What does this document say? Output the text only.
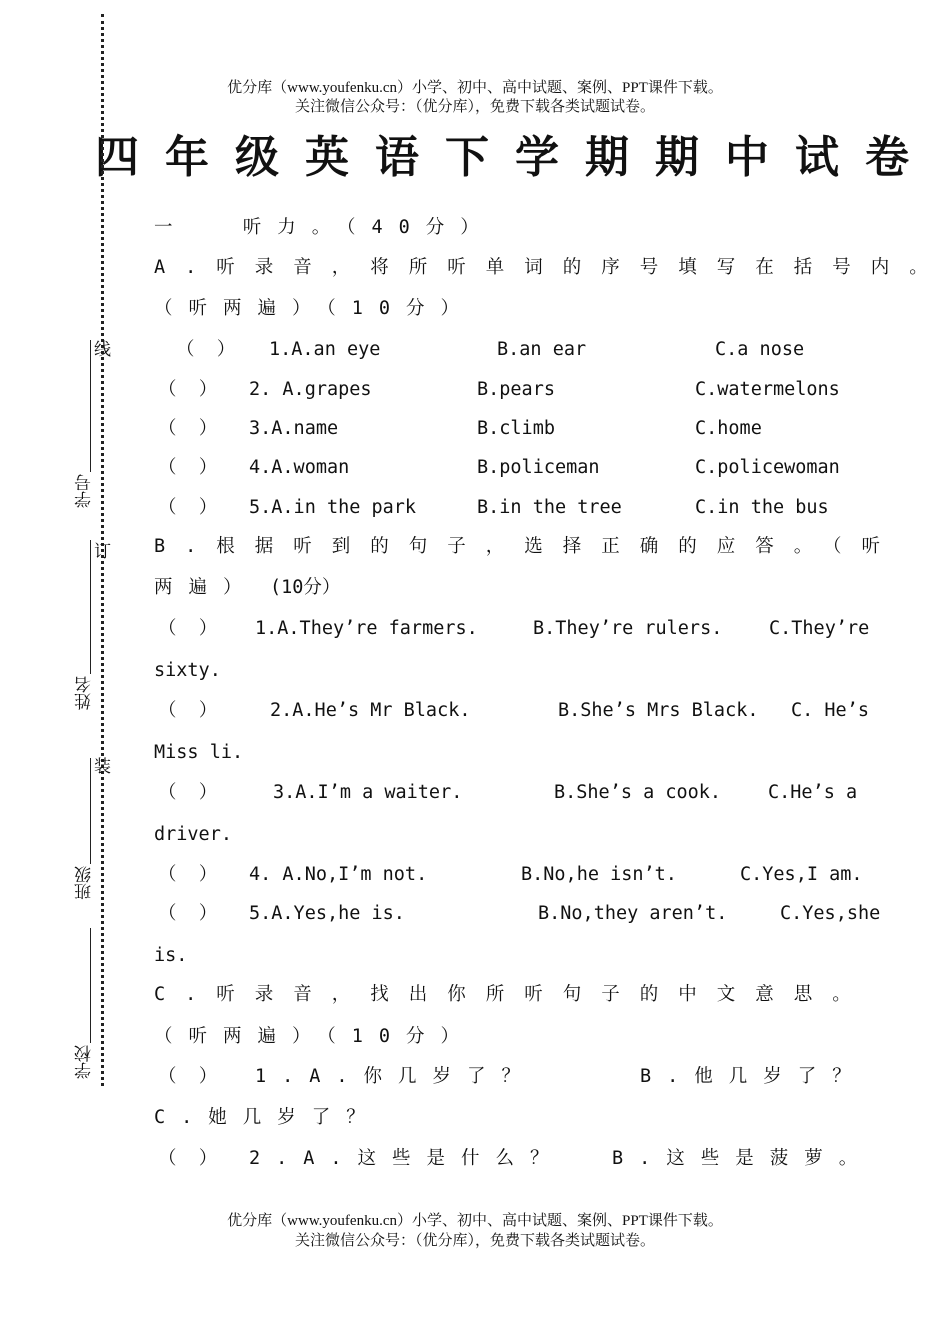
优分库（www.youfenku.cn）小学、初中、高中试题、案例、PPT课件下载。
关注微信公众号：（优分库），免费下载各类试题试卷。
四年级英语下学期期中试卷
线
订
装
学号
姓名
班级
学校
一  听力。（40分）
A.听录音，将所听单词的序号填写在括号内。
（听两遍）（10分）
（  ） 1.A.an eye	B.an ear	C.a nose
（  ） 2. A.grapes	B.pears	C.watermelons
（  ） 3.A.name	B.climb	C.home
（  ） 4.A.woman	B.policeman	C.policewoman
（  ） 5.A.in the park	B.in the tree	C.in the bus
B.根据听到的句子，选择正确的应答。（听
两遍） (10分）
（  ） 1.A.They’re farmers.	B.They’re rulers.	C.They’re
sixty.
（  ）	2.A.He’s Mr Black.	B.She’s Mrs Black. C. He’s
Miss li.
（  ）	3.A.I’m a waiter.	B.She’s a cook.	C.He’s a
driver.
（  ） 4. A.No,I’m not.	B.No,he isn’t.	C.Yes,I am.
（  ） 5.A.Yes,he is.	B.No,they aren’t.	C.Yes,she
is.
C.听录音，找出你所听句子的中文意思。
（听两遍）（10分）
（  ） 1.A.你几岁了？	B.他几岁了？
C.她几岁了？
（  ） 2.A.这些是什么？	B.这些是菠萝。
优分库（www.youfenku.cn）小学、初中、高中试题、案例、PPT课件下载。
关注微信公众号：（优分库），免费下载各类试题试卷。
